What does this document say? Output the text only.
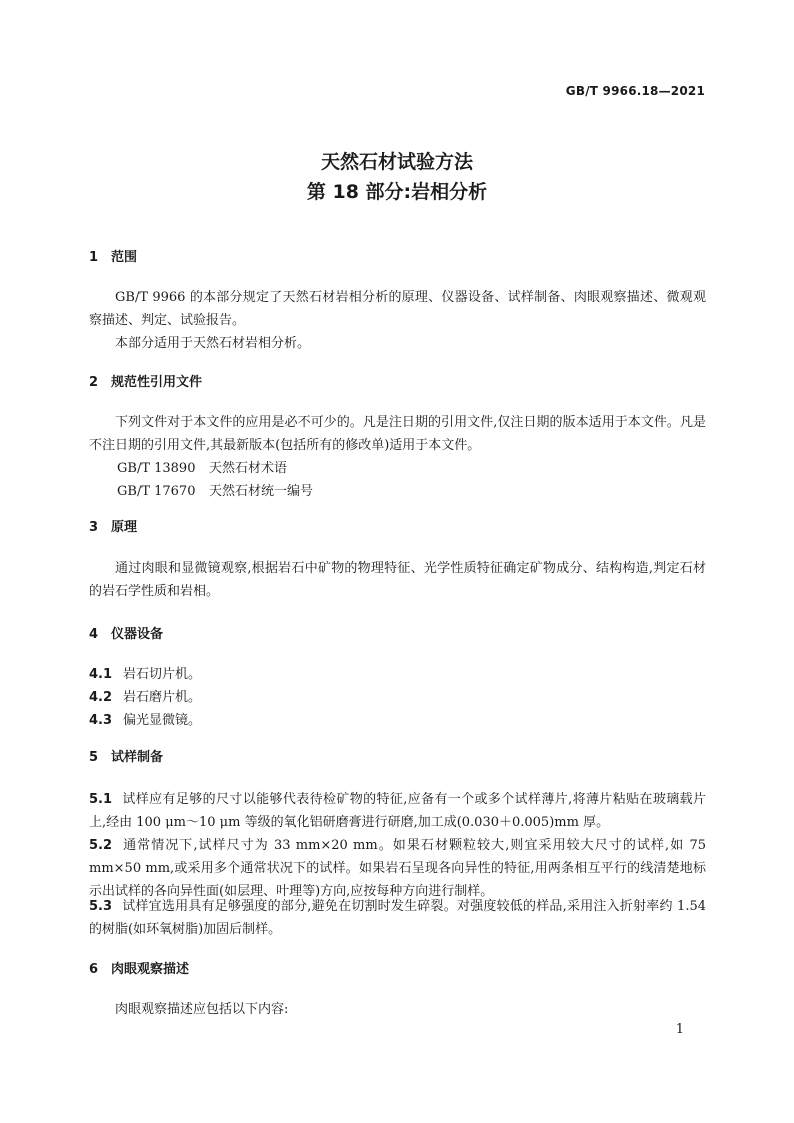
GB/T 9966.18—2021
天然石材试验方法
第 18 部分:岩相分析
1 范围
GB/T 9966 的本部分规定了天然石材岩相分析的原理、仪器设备、试样制备、肉眼观察描述、微观观察描述、判定、试验报告。
本部分适用于天然石材岩相分析。
2 规范性引用文件
下列文件对于本文件的应用是必不可少的。凡是注日期的引用文件,仅注日期的版本适用于本文件。凡是不注日期的引用文件,其最新版本(包括所有的修改单)适用于本文件。
GB/T 13890 天然石材术语
GB/T 17670 天然石材统一编号
3 原理
通过肉眼和显微镜观察,根据岩石中矿物的物理特征、光学性质特征确定矿物成分、结构构造,判定石材的岩石学性质和岩相。
4 仪器设备
4.1 岩石切片机。
4.2 岩石磨片机。
4.3 偏光显微镜。
5 试样制备
5.1 试样应有足够的尺寸以能够代表待检矿物的特征,应备有一个或多个试样薄片,将薄片粘贴在玻璃载片上,经由 100 μm～10 μm 等级的氧化铝研磨膏进行研磨,加工成(0.030＋0.005)mm 厚。
5.2 通常情况下,试样尺寸为 33 mm×20 mm。如果石材颗粒较大,则宜采用较大尺寸的试样,如 75 mm×50 mm,或采用多个通常状况下的试样。如果岩石呈现各向异性的特征,用两条相互平行的线清楚地标示出试样的各向异性面(如层理、叶理等)方向,应按每种方向进行制样。
5.3 试样宜选用具有足够强度的部分,避免在切割时发生碎裂。对强度较低的样品,采用注入折射率约 1.54 的树脂(如环氧树脂)加固后制样。
6 肉眼观察描述
肉眼观察描述应包括以下内容:
1
